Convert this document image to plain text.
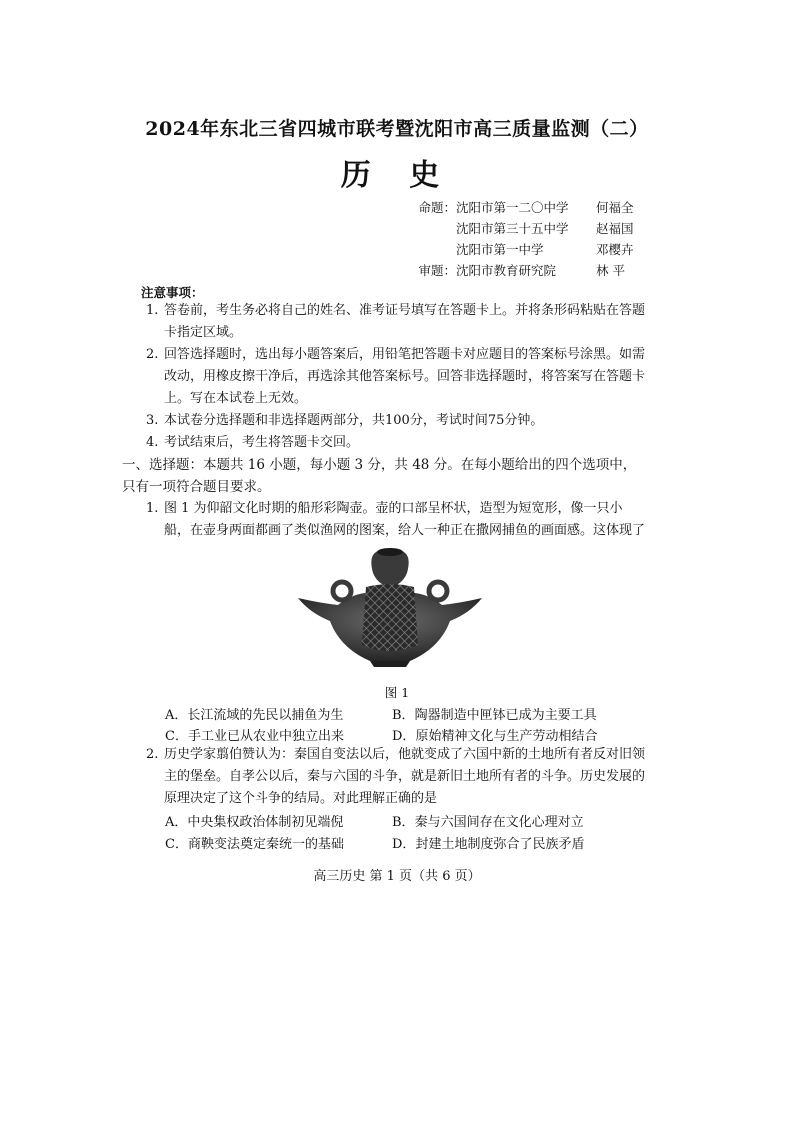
2024年东北三省四城市联考暨沈阳市高三质量监测（二）
历 史
命题： 沈阳市第一二〇中学 何福全
沈阳市第三十五中学 赵福国
沈阳市第一中学	邓樱卉
审题： 沈阳市教育研究院	林 平
注意事项：
1. 答卷前，考生务必将自己的姓名、准考证号填写在答题卡上。并将条形码粘贴在答题卡指定区域。
2. 回答选择题时，选出每小题答案后，用铅笔把答题卡对应题目的答案标号涂黑。如需改动，用橡皮擦干净后，再选涂其他答案标号。回答非选择题时，将答案写在答题卡上。写在本试卷上无效。
3. 本试卷分选择题和非选择题两部分，共100分，考试时间75分钟。
4. 考试结束后，考生将答题卡交回。
一、选择题：本题共 16 小题，每小题 3 分，共 48 分。在每小题给出的四个选项中，只有一项符合题目要求。
1. 图 1 为仰韶文化时期的船形彩陶壶。壶的口部呈杯状，造型为短宽形，像一只小船，在壶身两面都画了类似渔网的图案，给人一种正在撒网捕鱼的画面感。这体现了
图 1
A．长江流域的先民以捕鱼为生	B．陶器制造中匣钵已成为主要工具
C．手工业已从农业中独立出来	D．原始精神文化与生产劳动相结合
2. 历史学家翦伯赞认为：秦国自变法以后，他就变成了六国中新的土地所有者反对旧领主的堡垒。自孝公以后，秦与六国的斗争，就是新旧土地所有者的斗争。历史发展的原理决定了这个斗争的结局。对此理解正确的是
A．中央集权政治体制初见端倪	B．秦与六国间存在文化心理对立
C．商鞅变法奠定秦统一的基础	D．封建土地制度弥合了民族矛盾
高三历史 第 1 页（共 6 页）
